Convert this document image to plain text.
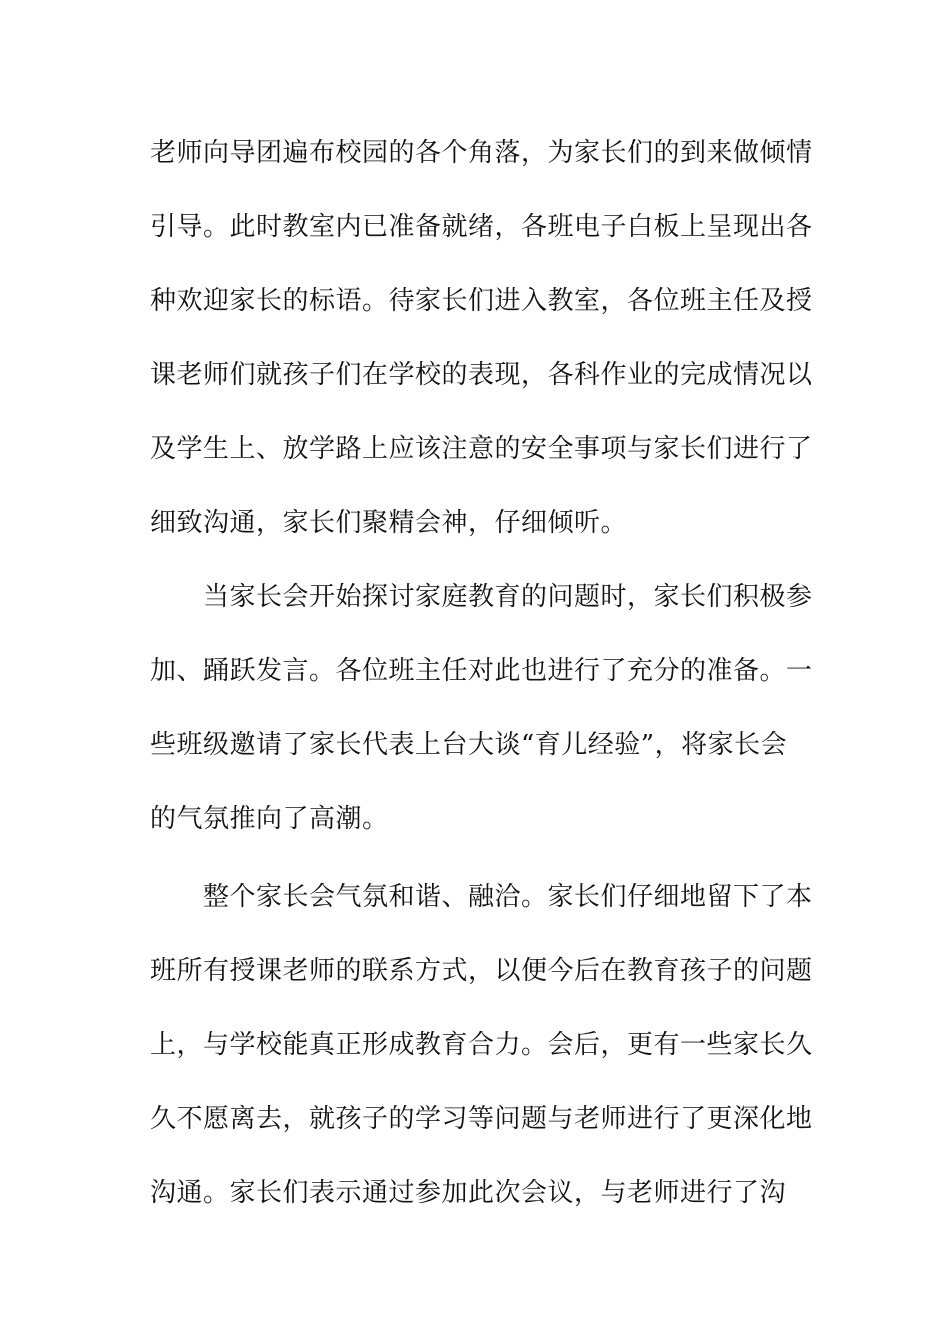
老师向导团遍布校园的各个角落，为家长们的到来做倾情
引导。此时教室内已准备就绪，各班电子白板上呈现出各
种欢迎家长的标语。待家长们进入教室，各位班主任及授
课老师们就孩子们在学校的表现，各科作业的完成情况以
及学生上、放学路上应该注意的安全事项与家长们进行了
细致沟通，家长们聚精会神，仔细倾听。
当家长会开始探讨家庭教育的问题时，家长们积极参
加、踊跃发言。各位班主任对此也进行了充分的准备。一
些班级邀请了家长代表上台大谈“育儿经验”，将家长会
的气氛推向了高潮。
整个家长会气氛和谐、融洽。家长们仔细地留下了本
班所有授课老师的联系方式，以便今后在教育孩子的问题
上，与学校能真正形成教育合力。会后，更有一些家长久
久不愿离去，就孩子的学习等问题与老师进行了更深化地
沟通。家长们表示通过参加此次会议，与老师进行了沟
